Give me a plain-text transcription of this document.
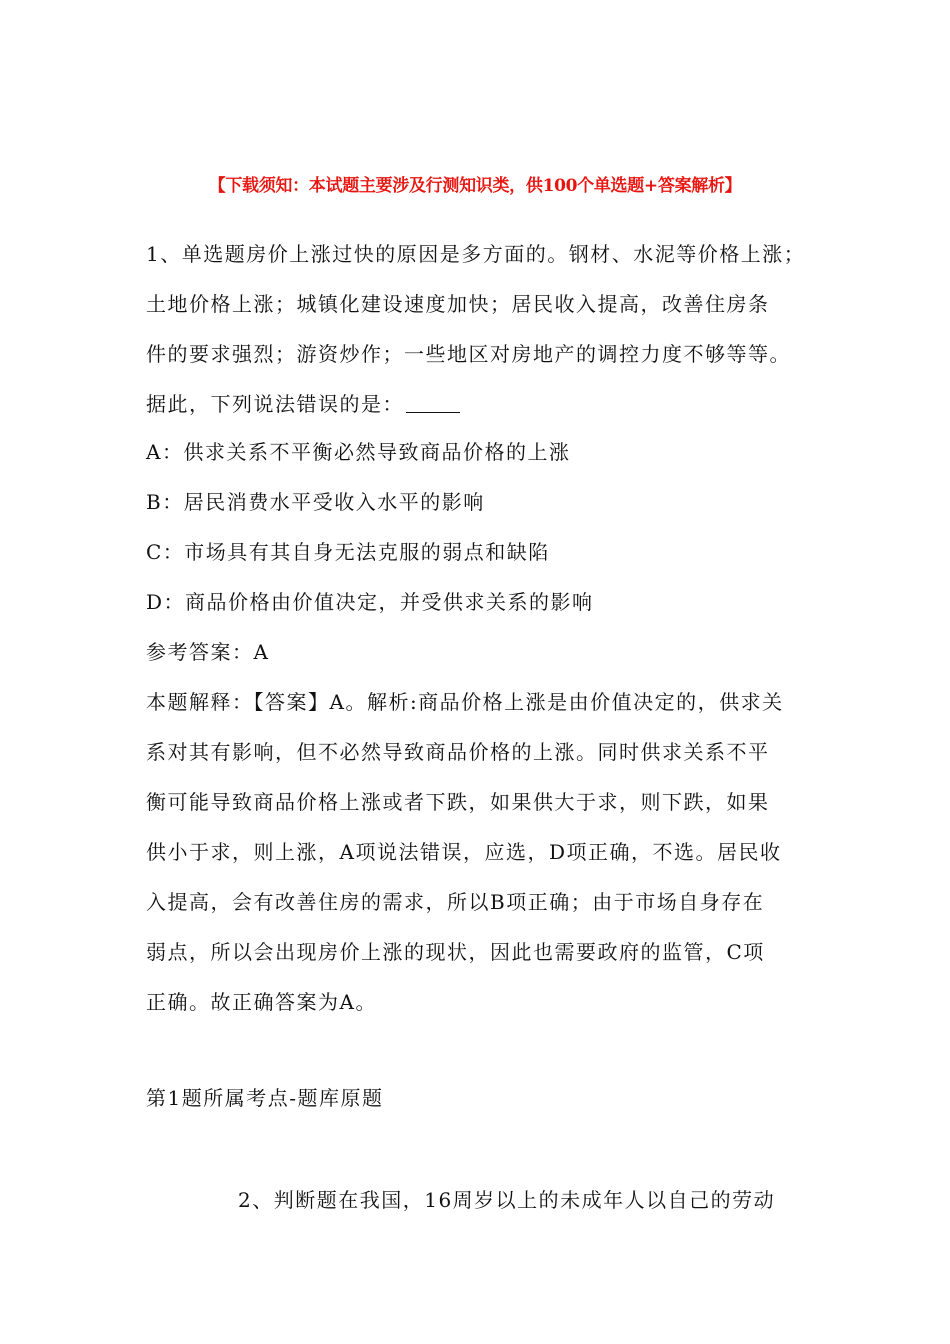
【下载须知：本试题主要涉及行测知识类，供100个单选题+答案解析】
1、单选题房价上涨过快的原因是多方面的。钢材、水泥等价格上涨；
土地价格上涨；城镇化建设速度加快；居民收入提高，改善住房条
件的要求强烈；游资炒作；一些地区对房地产的调控力度不够等等。
据此，下列说法错误的是：
A：供求关系不平衡必然导致商品价格的上涨
B：居民消费水平受收入水平的影响
C：市场具有其自身无法克服的弱点和缺陷
D：商品价格由价值决定，并受供求关系的影响
参考答案：A
本题解释：【答案】A。解析:商品价格上涨是由价值决定的，供求关
系对其有影响，但不必然导致商品价格的上涨。同时供求关系不平
衡可能导致商品价格上涨或者下跌，如果供大于求，则下跌，如果
供小于求，则上涨，A项说法错误，应选，D项正确，不选。居民收
入提高，会有改善住房的需求，所以B项正确；由于市场自身存在
弱点，所以会出现房价上涨的现状，因此也需要政府的监管，C项
正确。故正确答案为A。
第1题所属考点-题库原题
2、判断题在我国，16周岁以上的未成年人以自己的劳动
